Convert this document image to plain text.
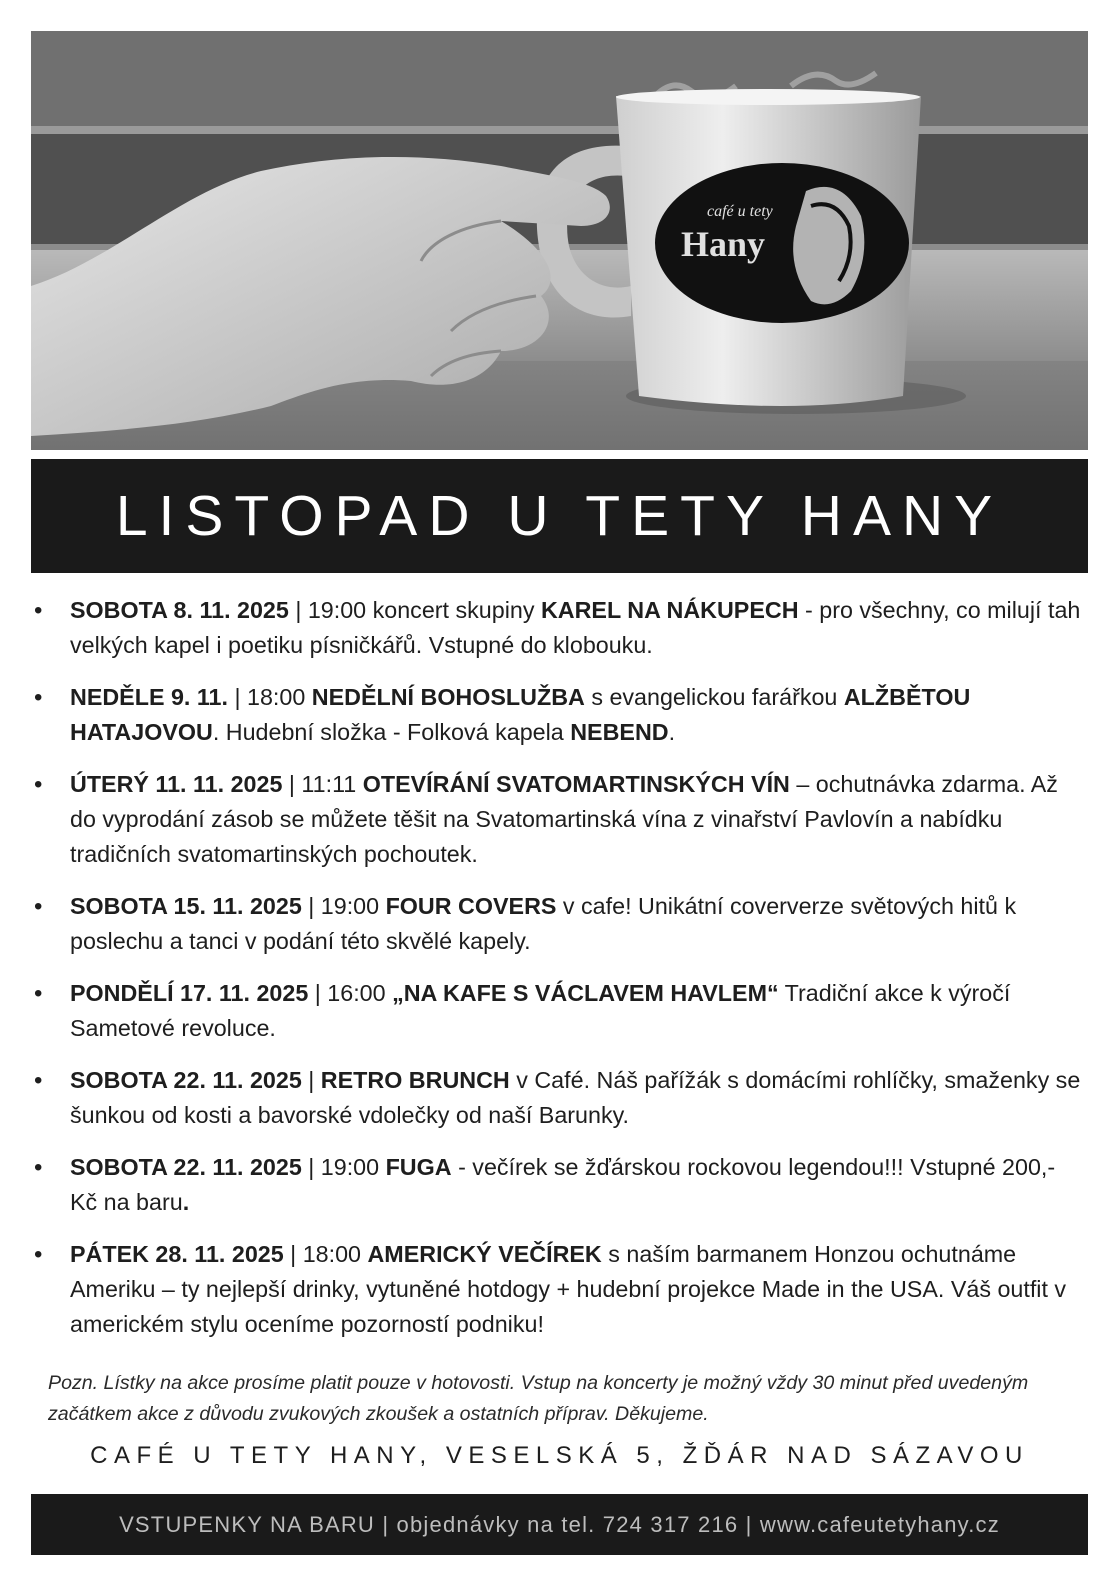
café u tety
Hany
LISTOPAD U TETY HANY
• SOBOTA 8. 11. 2025 | 19:00 koncert skupiny KAREL NA NÁKUPECH - pro všechny, co milují tah velkých kapel i poetiku písničkářů. Vstupné do klobouku.
• NEDĚLE 9. 11. | 18:00 NEDĚLNÍ BOHOSLUŽBA s evangelickou farářkou ALŽBĚTOU HATAJOVOU. Hudební složka - Folková kapela NEBEND.
• ÚTERÝ 11. 11. 2025 | 11:11 OTEVÍRÁNÍ SVATOMARTINSKÝCH VÍN – ochutnávka zdarma. Až do vyprodání zásob se můžete těšit na Svatomartinská vína z vinařství Pavlovín a nabídku tradičních svatomartinských pochoutek.
• SOBOTA 15. 11. 2025 | 19:00 FOUR COVERS v cafe! Unikátní coververze světových hitů k poslechu a tanci v podání této skvělé kapely.
• PONDĚLÍ 17. 11. 2025 | 16:00 „NA KAFE S VÁCLAVEM HAVLEM“ Tradiční akce k výročí Sametové revoluce.
• SOBOTA 22. 11. 2025 | RETRO BRUNCH v Café. Náš pařížák s domácími rohlíčky, smaženky se šunkou od kosti a bavorské vdolečky od naší Barunky.
• SOBOTA 22. 11. 2025 | 19:00 FUGA - večírek se žďárskou rockovou legendou!!! Vstupné 200,- Kč na baru.
• PÁTEK 28. 11. 2025 | 18:00 AMERICKÝ VEČÍREK s naším barmanem Honzou ochutnáme Ameriku – ty nejlepší drinky, vytuněné hotdogy + hudební projekce Made in the USA. Váš outfit v americkém stylu oceníme pozorností podniku!
Pozn. Lístky na akce prosíme platit pouze v hotovosti. Vstup na koncerty je možný vždy 30 minut před uvedeným začátkem akce z důvodu zvukových zkoušek a ostatních příprav. Děkujeme.
CAFÉ U TETY HANY, VESELSKÁ 5, ŽĎÁR NAD SÁZAVOU
VSTUPENKY NA BARU | objednávky na tel. 724 317 216 | www.cafeutetyhany.cz
